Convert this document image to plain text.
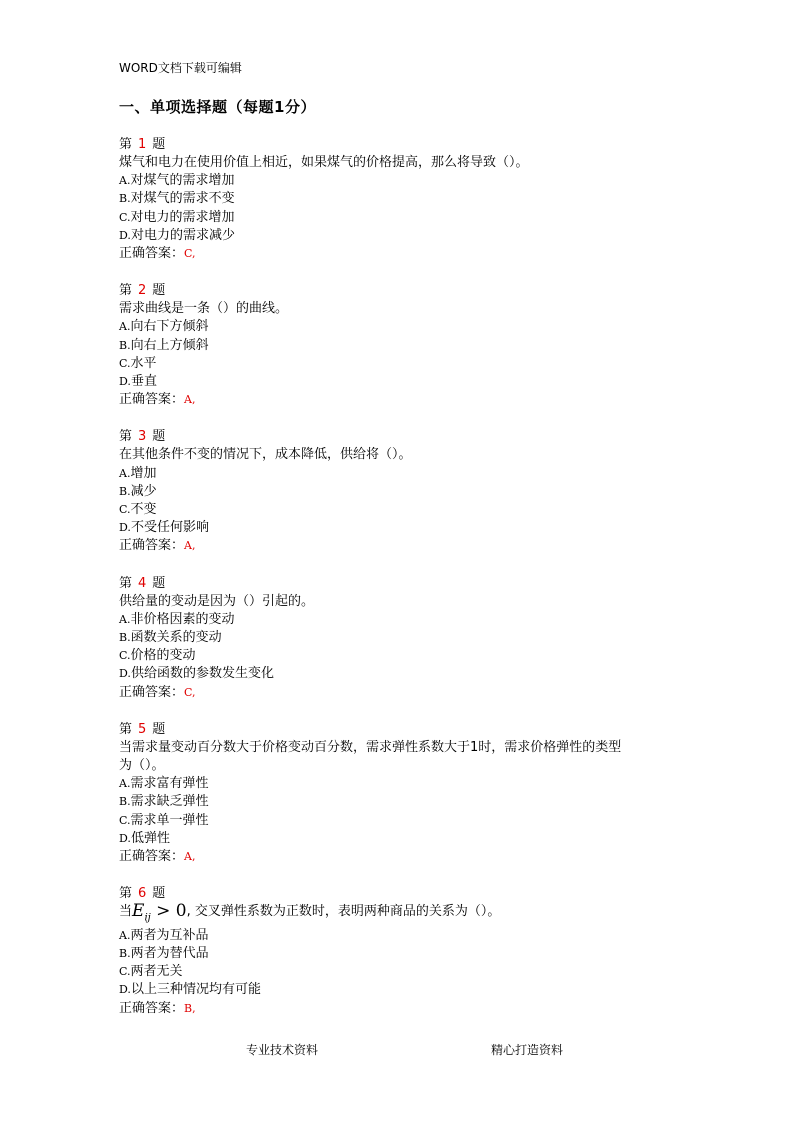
WORD文档下载可编辑
一、单项选择题（每题1分）
第 1 题
煤气和电力在使用价值上相近，如果煤气的价格提高，那么将导致（）。
A.对煤气的需求增加
B.对煤气的需求不变
C.对电力的需求增加
D.对电力的需求减少
正确答案：C,
第 2 题
需求曲线是一条（）的曲线。
A.向右下方倾斜
B.向右上方倾斜
C.水平
D.垂直
正确答案：A,
第 3 题
在其他条件不变的情况下，成本降低，供给将（）。
A.增加
B.减少
C.不变
D.不受任何影响
正确答案：A,
第 4 题
供给量的变动是因为（）引起的。
A.非价格因素的变动
B.函数关系的变动
C.价格的变动
D.供给函数的参数发生变化
正确答案：C,
第 5 题
当需求量变动百分数大于价格变动百分数，需求弹性系数大于1时，需求价格弹性的类型
为（）。
A.需求富有弹性
B.需求缺乏弹性
C.需求单一弹性
D.低弹性
正确答案：A,
第 6 题
当$E_{ij} > 0$, 交叉弹性系数为正数时，表明两种商品的关系为（）。
A.两者为互补品
B.两者为替代品
C.两者无关
D.以上三种情况均有可能
正确答案：B,
专业技术资料	精心打造资料
